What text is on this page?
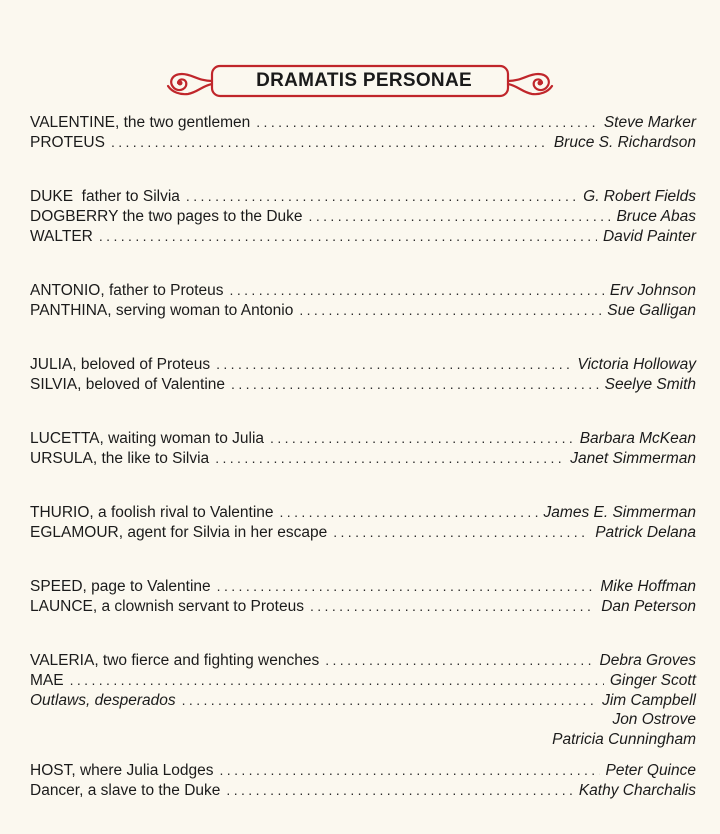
DRAMATIS PERSONAE
VALENTINE, the two gentlemen .....	Steve Marker
PROTEUS .....	Bruce S. Richardson
DUKE  father to Silvia .....	G. Robert Fields
DOGBERRY the two pages to the Duke .....	Bruce Abas
WALTER .....	David Painter
ANTONIO, father to Proteus .....	Erv Johnson
PANTHINA, serving woman to Antonio .....	Sue Galligan
JULIA, beloved of Proteus .....	Victoria Holloway
SILVIA, beloved of Valentine .....	Seelye Smith
LUCETTA, waiting woman to Julia .....	Barbara McKean
URSULA, the like to Silvia .....	Janet Simmerman
THURIO, a foolish rival to Valentine .....	James E. Simmerman
EGLAMOUR, agent for Silvia in her escape .....	Patrick Delana
SPEED, page to Valentine .....	Mike Hoffman
LAUNCE, a clownish servant to Proteus .....	Dan Peterson
VALERIA, two fierce and fighting wenches .....	Debra Groves
MAE .....	Ginger Scott
Outlaws, desperados .....	Jim Campbell
Jon Ostrove
Patricia Cunningham
HOST, where Julia Lodges .....	Peter Quince
Dancer, a slave to the Duke .....	Kathy Charchalis
